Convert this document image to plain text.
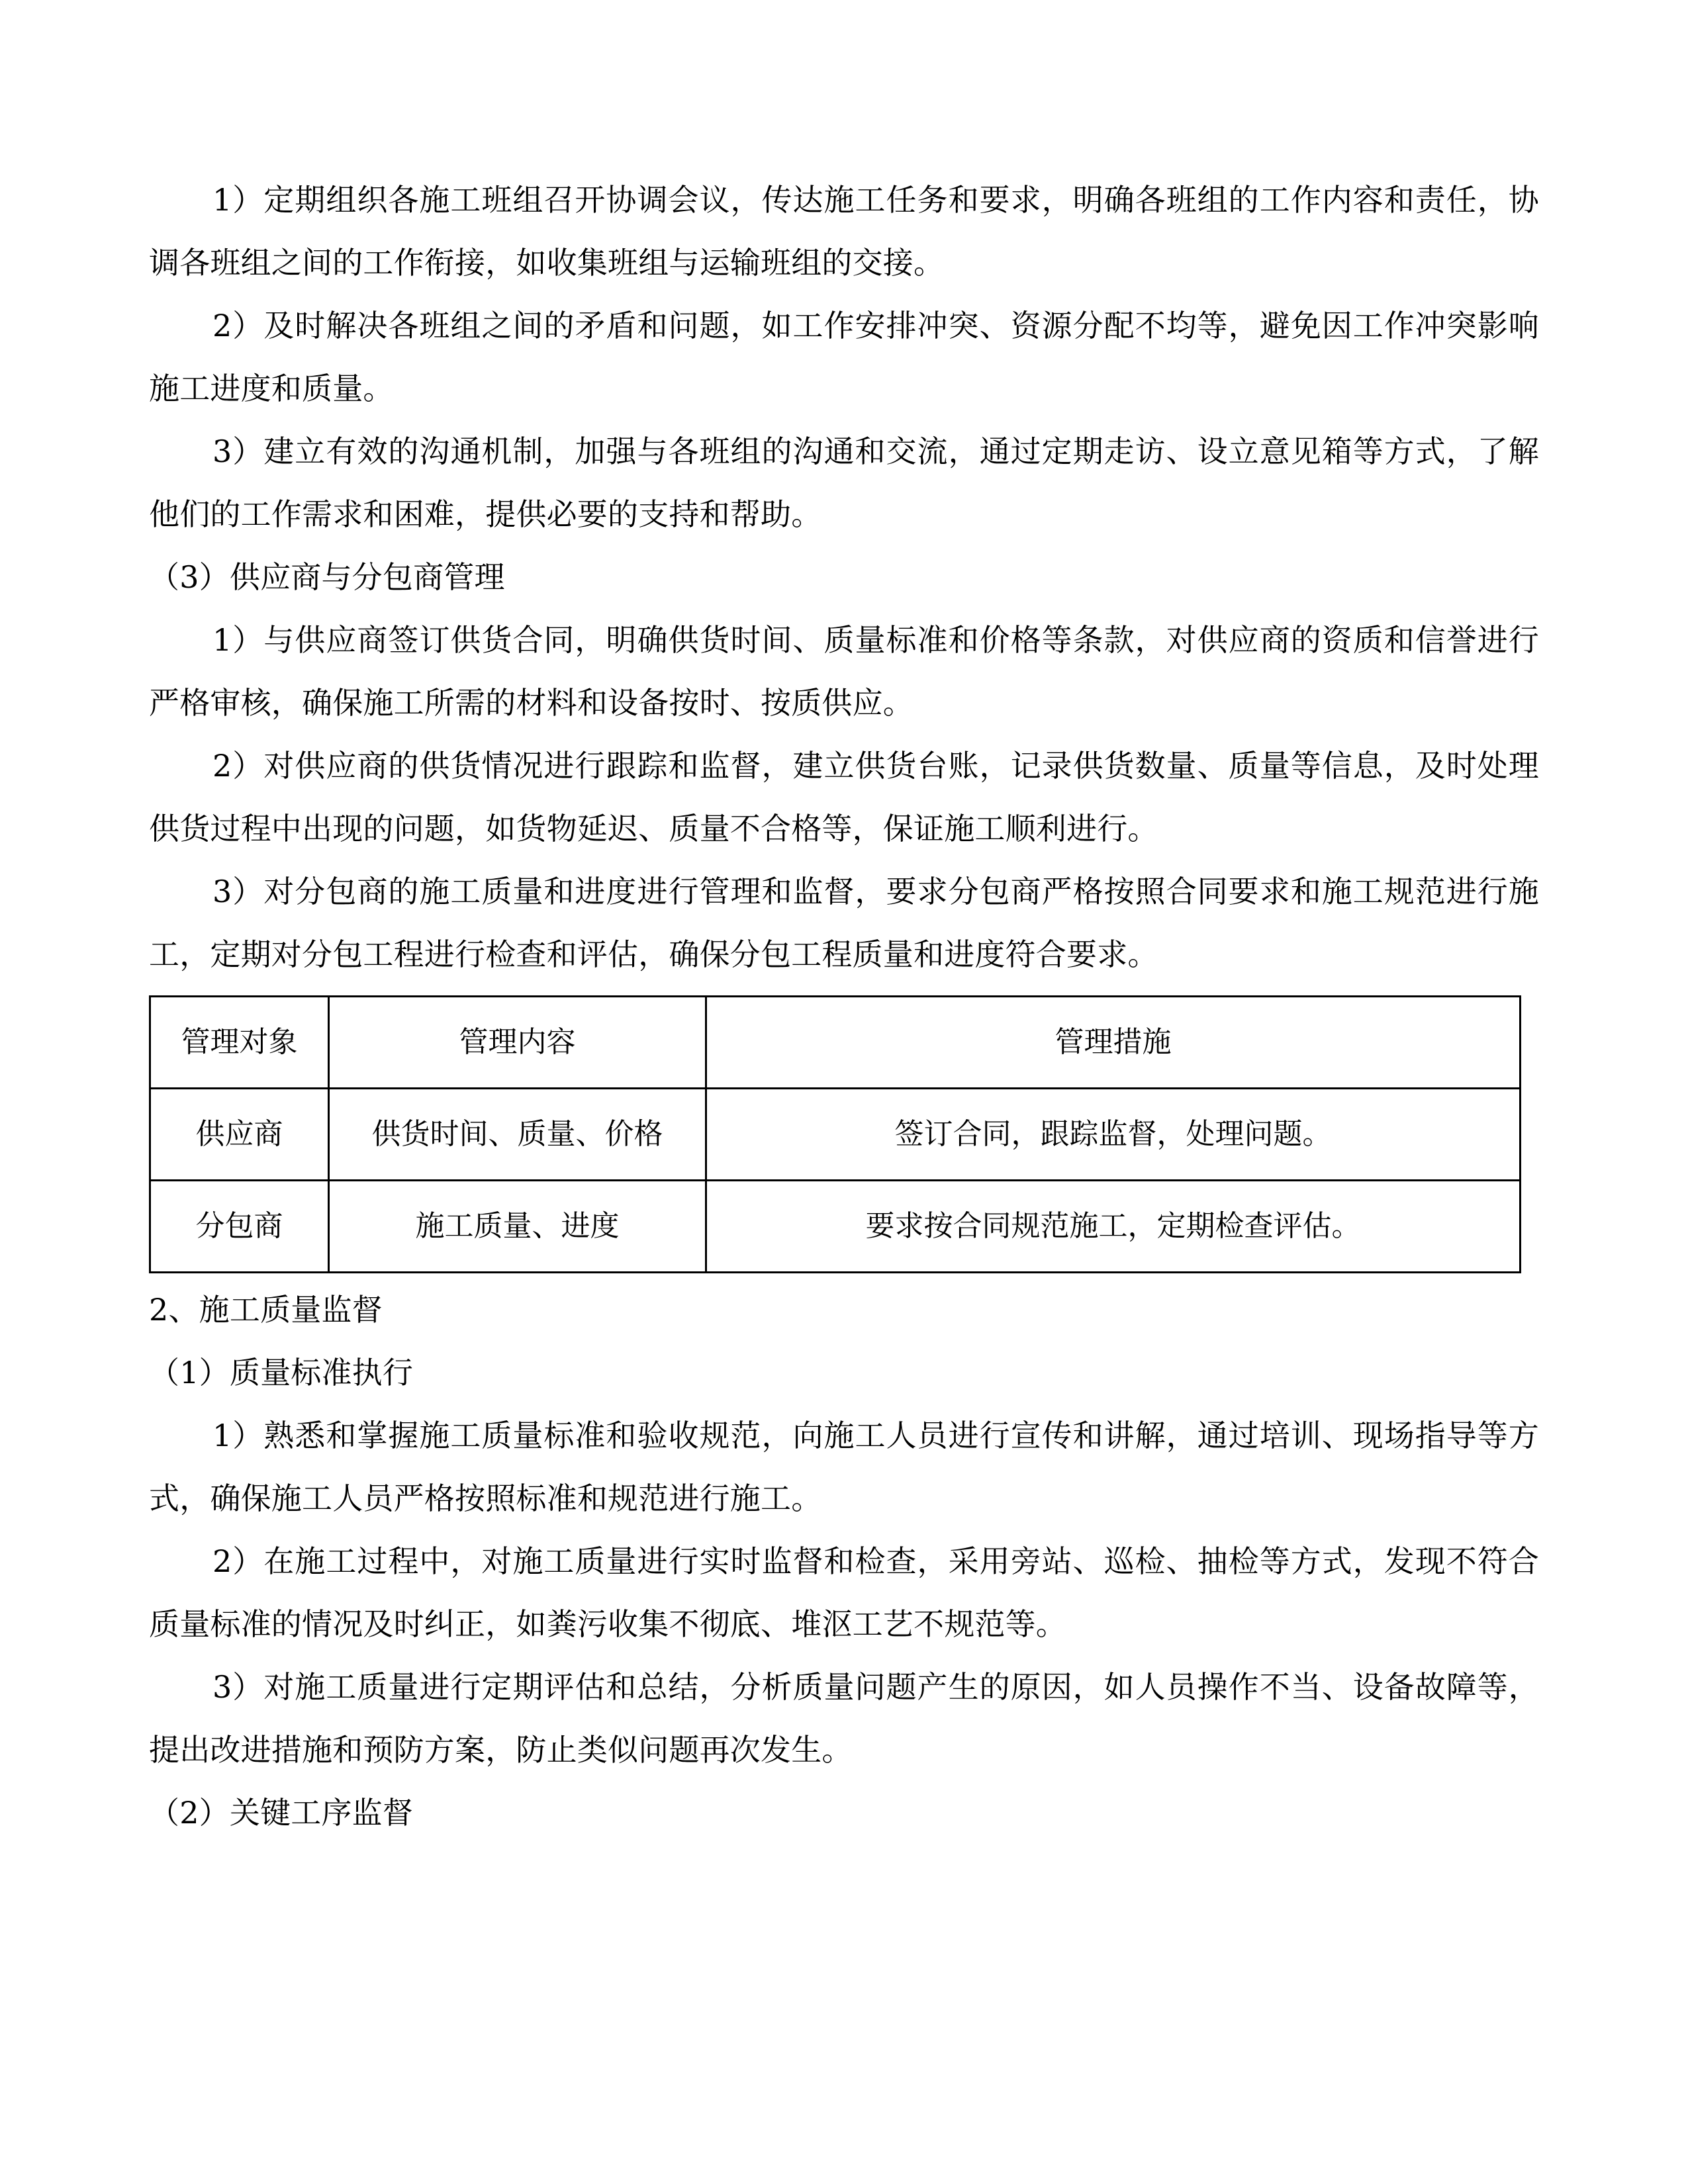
1）定期组织各施工班组召开协调会议，传达施工任务和要求，明确各班组的工作内容和责任，协调各班组之间的工作衔接，如收集班组与运输班组的交接。

2）及时解决各班组之间的矛盾和问题，如工作安排冲突、资源分配不均等，避免因工作冲突影响施工进度和质量。

3）建立有效的沟通机制，加强与各班组的沟通和交流，通过定期走访、设立意见箱等方式，了解他们的工作需求和困难，提供必要的支持和帮助。

（3）供应商与分包商管理

1）与供应商签订供货合同，明确供货时间、质量标准和价格等条款，对供应商的资质和信誉进行严格审核，确保施工所需的材料和设备按时、按质供应。

2）对供应商的供货情况进行跟踪和监督，建立供货台账，记录供货数量、质量等信息，及时处理供货过程中出现的问题，如货物延迟、质量不合格等，保证施工顺利进行。

3）对分包商的施工质量和进度进行管理和监督，要求分包商严格按照合同要求和施工规范进行施工，定期对分包工程进行检查和评估，确保分包工程质量和进度符合要求。

管理对象	管理内容	管理措施
供应商	供货时间、质量、价格	签订合同，跟踪监督，处理问题。
分包商	施工质量、进度	要求按合同规范施工，定期检查评估。

2、施工质量监督

（1）质量标准执行

1）熟悉和掌握施工质量标准和验收规范，向施工人员进行宣传和讲解，通过培训、现场指导等方式，确保施工人员严格按照标准和规范进行施工。

2）在施工过程中，对施工质量进行实时监督和检查，采用旁站、巡检、抽检等方式，发现不符合质量标准的情况及时纠正，如粪污收集不彻底、堆沤工艺不规范等。

3）对施工质量进行定期评估和总结，分析质量问题产生的原因，如人员操作不当、设备故障等，提出改进措施和预防方案，防止类似问题再次发生。

（2）关键工序监督
